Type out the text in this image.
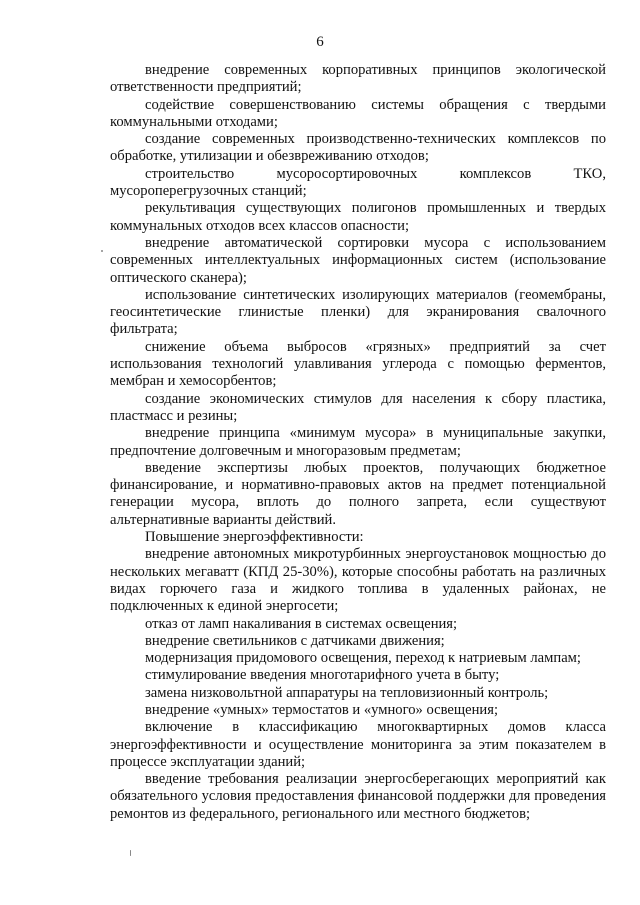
6

внедрение современных корпоративных принципов экологической ответственности предприятий;

содействие совершенствованию системы обращения с твердыми коммунальными отходами;

создание современных производственно-технических комплексов по обработке, утилизации и обезвреживанию отходов;

строительство мусоросортировочных комплексов ТКО, мусороперегрузочных станций;

рекультивация существующих полигонов промышленных и твердых коммунальных отходов всех классов опасности;

внедрение автоматической сортировки мусора с использованием современных интеллектуальных информационных систем (использование оптического сканера);

использование синтетических изолирующих материалов (геомембраны, геосинтетические глинистые пленки) для экранирования свалочного фильтрата;

снижение объема выбросов «грязных» предприятий за счет использования технологий улавливания углерода с помощью ферментов, мембран и хемосорбентов;

создание экономических стимулов для населения к сбору пластика, пластмасс и резины;

внедрение принципа «минимум мусора» в муниципальные закупки, предпочтение долговечным и многоразовым предметам;

введение экспертизы любых проектов, получающих бюджетное финансирование, и нормативно-правовых актов на предмет потенциальной генерации мусора, вплоть до полного запрета, если существуют альтернативные варианты действий.

Повышение энергоэффективности:

внедрение автономных микротурбинных энергоустановок мощностью до нескольких мегаватт (КПД 25-30%), которые способны работать на различных видах горючего газа и жидкого топлива в удаленных районах, не подключенных к единой энергосети;

отказ от ламп накаливания в системах освещения;

внедрение светильников с датчиками движения;

модернизация придомового освещения, переход к натриевым лампам;

стимулирование введения многотарифного учета в быту;

замена низковольтной аппаратуры на тепловизионный контроль;

внедрение «умных» термостатов и «умного» освещения;

включение в классификацию многоквартирных домов класса энергоэффективности и осуществление мониторинга за этим показателем в процессе эксплуатации зданий;

введение требования реализации энергосберегающих мероприятий как обязательного условия предоставления финансовой поддержки для проведения ремонтов из федерального, регионального или местного бюджетов;
